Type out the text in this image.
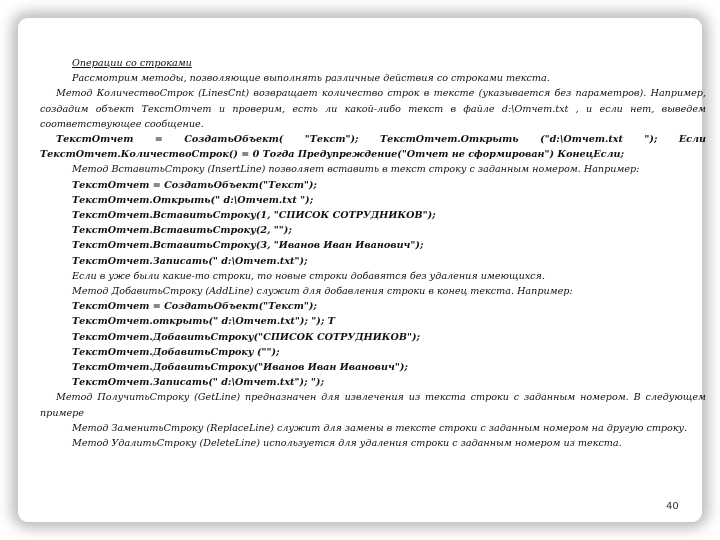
Операции со строками
Рассмотрим методы, позволяющие выполнять различные действия со строками текста.
Метод КоличествоСтрок (LinesCnt) возвращает количество строк в тексте (указывается без параметров). Например, создадим объект ТекстОтчет и проверим, есть ли какой-либо текст в файле d:\Отчет.txt , и если нет, выведем соответствующее сообщение.
ТекстОтчет = СоздатьОбъект( "Текст"); ТекстОтчет.Открыть ("d:\Отчет.txt "); Если ТекстОтчет.КоличествоСтрок() = 0 Тогда Предупреждение("Отчет не сформирован") КонецЕсли;
Метод ВставитьСтроку (InsertLine) позволяет вставить в текст строку с заданным номером. Например:
ТекстОтчет = СоздатьОбъект("Текст");
ТекстОтчет.Открыть(" d:\Отчет.txt ");
ТекстОтчет.ВставитьСтроку(1, "СПИСОК СОТРУДНИКОВ");
ТекстОтчет.ВставитьСтроку(2, "");
ТекстОтчет.ВставитьСтроку(3, "Иванов Иван Иванович");
ТекстОтчет.Записать(" d:\Отчет.txt");
Если в уже были какие-то строки, то новые строки добавятся без удаления имеющихся.
Метод ДобавитьСтроку (AddLine) служит для добавления строки в конец текста. Например:
ТекстОтчет = СоздатьОбъект("Текст");
ТекстОтчет.открыть(" d:\Отчет.txt"); "); Т
ТекстОтчет.ДобавитьСтроку("СПИСОК СОТРУДНИКОВ");
ТекстОтчет.ДобавитьСтроку ("");
ТекстОтчет.ДобавитьСтроку("Иванов Иван Иванович");
ТекстОтчет.Записать(" d:\Отчет.txt"); ");
Метод ПолучитьСтроку (GetLine) предназначен для извлечения из текста строки с заданным номером. В следующем примере
Метод ЗаменитьСтроку (ReplaceLine) служит для замены в тексте строки с заданным номером на другую строку.
Метод УдалитьСтроку (DeleteLine) используется для удаления строки с заданным номером из текста.
40
